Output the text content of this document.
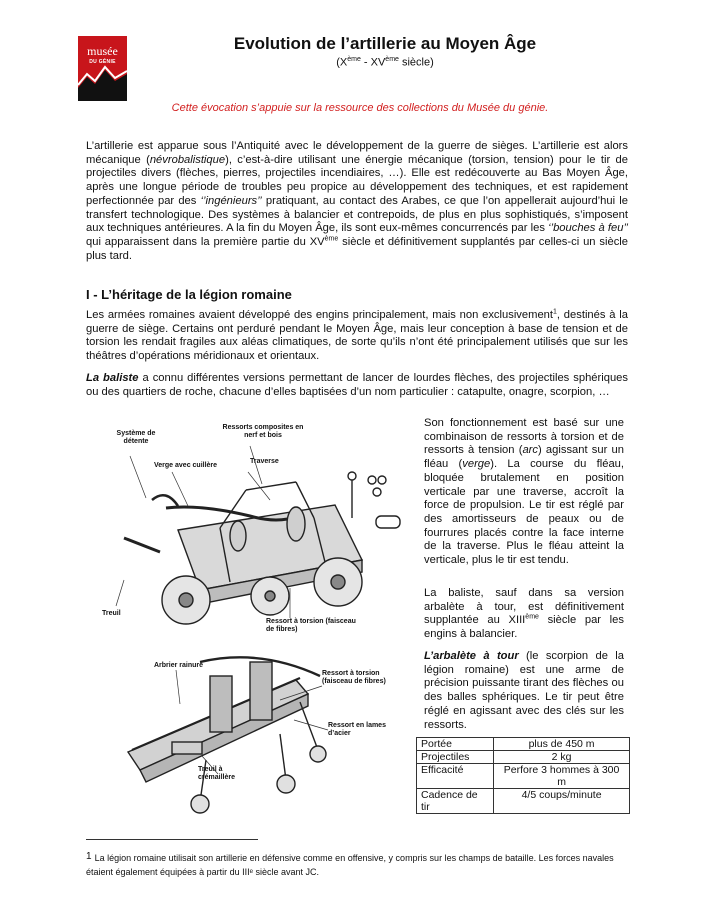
musée
DU GÉNIE
Evolution de l’artillerie au Moyen Âge
(Xème - XVème siècle)
Cette évocation s’appuie sur la ressource des collections du Musée du génie.
L’artillerie est apparue sous l’Antiquité avec le développement de la guerre de sièges. L’artillerie est alors mécanique (névrobalistique), c’est-à-dire utilisant une énergie mécanique (torsion, tension) pour le tir de projectiles divers (flèches, pierres, projectiles incendiaires, …). Elle est redécouverte au Bas Moyen Âge, après une longue période de troubles peu propice au développement des techniques, et est rapidement perfectionnée par des ‘’ingénieurs’’ pratiquant, au contact des Arabes, ce que l’on appellerait aujourd’hui le transfert technologique. Des systèmes à balancier et contrepoids, de plus en plus sophistiqués, s’imposent aux techniques antérieures. A la fin du Moyen Âge, ils sont eux-mêmes concurrencés par les ‘’bouches à feu’’ qui apparaissent dans la première partie du XVème siècle et définitivement supplantés par celles-ci un siècle plus tard.
I - L’héritage de la légion romaine
Les armées romaines avaient développé des engins principalement, mais non exclusivement$^1$, destinés à la guerre de siège. Certains ont perduré pendant le Moyen Âge, mais leur conception à base de tension et de torsion les rendait fragiles aux aléas climatiques, de sorte qu’ils n’ont été principalement utilisés que sur les théâtres d’opérations méridionaux et orientaux.
La baliste a connu différentes versions permettant de lancer de lourdes flèches, des projectiles sphériques ou des quartiers de roche, chacune d’elles baptisées d’un nom particulier : catapulte, onagre, scorpion, …
Système de détente
Ressorts composites en nerf et bois
Verge avec cuillère
Traverse
Treuil
Ressort à torsion (faisceau de fibres)
Arbrier rainuré
Ressort à torsion (faisceau de fibres)
Ressort en lames d’acier
Treuil à crémaillère
Son fonctionnement est basé sur une combinaison de ressorts à torsion et de ressorts à tension (arc) agissant sur un fléau (verge). La course du fléau, bloquée brutalement en position verticale par une traverse, accroît la force de propulsion. Le tir est réglé par des amortisseurs de peaux ou de fourrures placés contre la face interne de la traverse. Plus le fléau atteint la verticale, plus le tir est tendu.
La baliste, sauf dans sa version arbalète à tour, est définitivement supplantée au XIIIème siècle par les engins à balancier.
L’arbalète à tour (le scorpion de la légion romaine) est une arme de précision puissante tirant des flèches ou des balles sphériques. Le tir peut être réglé en agissant avec des clés sur les ressorts.
Portée	plus de 450 m
Projectiles	2 kg
Efficacité	Perfore 3 hommes à 300 m
Cadence de tir	4/5 coups/minute
1 La légion romaine utilisait son artillerie en défensive comme en offensive, y compris sur les champs de bataille. Les forces navales étaient également équipées à partir du IIIᵉ siècle avant JC.
